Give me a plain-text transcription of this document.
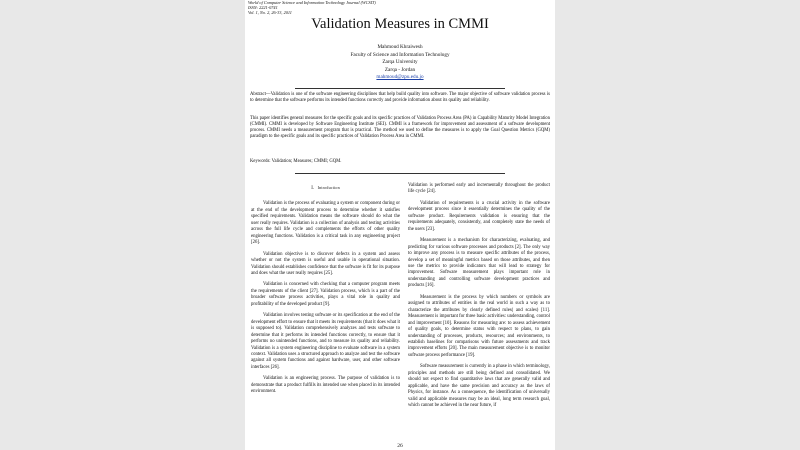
World of Computer Science and Information Technology Journal (WCSIT)
ISSN: 2221-0741
Vol. 1, No. 2, 26-33, 2011
Validation Measures in CMMI
Mahmoud Khraiwesh
Faculty of Science and Information Technology
Zarqa University
Zarqa - Jordan
mahmoud@zpu.edu.jo
Abstract—Validation is one of the software engineering disciplines that help build quality into software. The major objective of software validation process is to determine that the software performs its intended functions correctly and provide information about its quality and reliability.
This paper identifies general measures for the specific goals and its specific practices of Validation Process Area (PA) in Capability Maturity Model Integration (CMMI). CMMI is developed by Software Engineering Institute (SEI). CMMI is a framework for improvement and assessment of a software development process. CMMI needs a measurement program that is practical. The method we used to define the measures is to apply the Goal Question Metrics (GQM) paradigm to the specific goals and its specific practices of Validation Process Area in CMMI.
Keywords: Validation; Measures; CMMI; GQM.
I. Introduction

Validation is the process of evaluating a system or component during or at the end of the development process to determine whether it satisfies specified requirements. Validation means the software should do what the user really requires. Validation is a collection of analysis and testing activities across the full life cycle and complements the efforts of other quality engineering functions. Validation is a critical task in any engineering project [26].

Validation objective is to discover defects in a system and assess whether or not the system is useful and usable in operational situation. Validation should establishes confidence that the software is fit for its purpose and does what the user really requires [25].

Validation is concerned with checking that a computer program meets the requirements of the client [27]. Validation process, which is a part of the broader software process activities, plays a vital role in quality and profitability of the developed product [9].

Validation involves testing software or its specification at the end of the development effort to ensure that it meets its requirements (that it does what it is supposed to). Validation comprehensively analyzes and tests software to determine that it performs its intended functions correctly, to ensure that it performs no unintended functions, and to measure its quality and reliability. Validation is a system engineering discipline to evaluate software in a system context. Validation uses a structured approach to analyze and test the software against all system functions and against hardware, user, and other software interfaces [26].

Validation is an engineering process. The purpose of validation is to demonstrate that a product fulfills its intended use when placed in its intended environment.

Validation is performed early and incrementally throughout the product life cycle [24].

Validation of requirements is a crucial activity in the software development process since it essentially determines the quality of the software product. Requirements validation is ensuring that the requirements adequately, consistently, and completely state the needs of the users [23].

Measurement is a mechanism for characterizing, evaluating, and predicting for various software processes and products [2]. The only way to improve any process is to measure specific attributes of the process, develop a set of meaningful metrics based on those attributes, and then use the metrics to provide indicators that will lead to strategy for improvement. Software measurement plays important role in understanding and controlling software development practices and products [16].

Measurement is the process by which numbers or symbols are assigned to attributes of entities in the real world in such a way as to characterize the attributes by clearly defined rules( and scales) [11]. Measurement is important for three basic activities: understanding, control and improvement [10]. Reasons for measuring are: to assess achievement of quality goals, to determine status with respect to plans, to gain understanding of processes, products, resources; and environments, to establish baselines for comparisons with future assessments and track improvement efforts [20]. The main measurement objective is to monitor software process performance [19].

Software measurement is currently in a phase in which terminology, principles and methods are still being defined and consolidated. We should not expect to find quantitative laws that are generally valid and applicable, and have the same precision and accuracy as the laws of Physics, for instance. As a consequence, the identification of universally valid and applicable measures may be an ideal, long term research goal, which cannot be achieved in the near future, if

26
